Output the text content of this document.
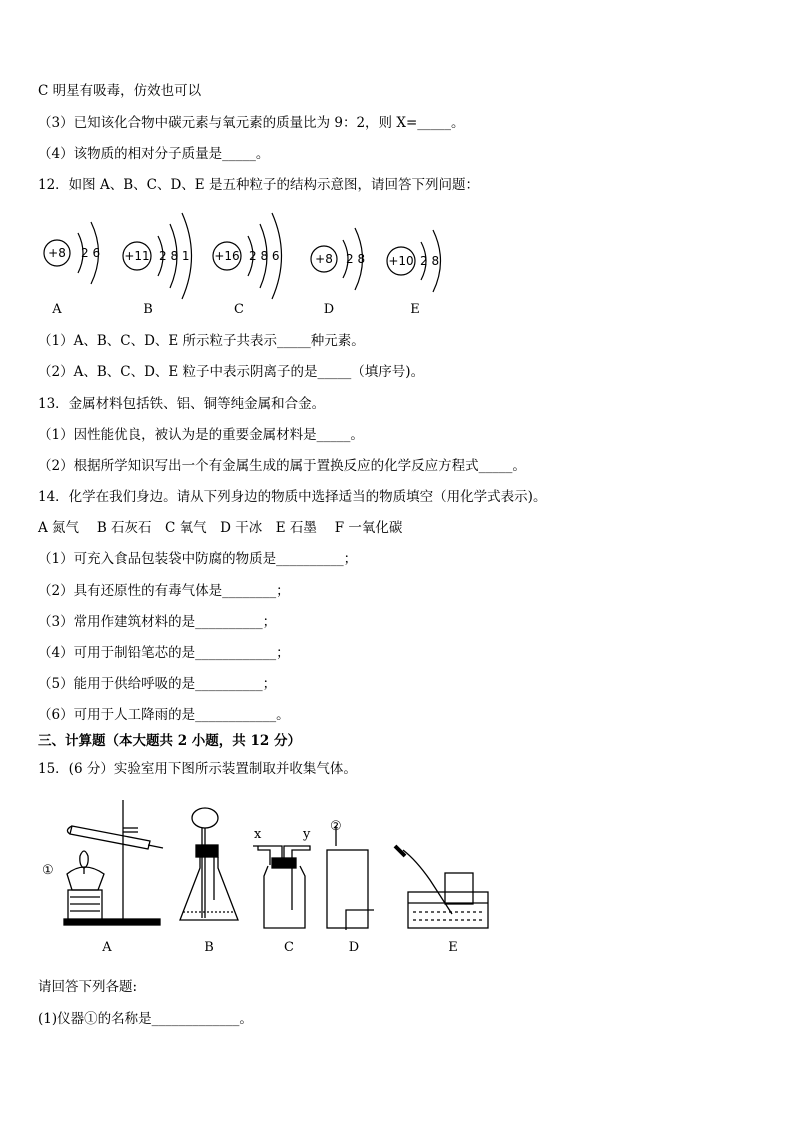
C 明星有吸毒，仿效也可以
（3）已知该化合物中碳元素与氧元素的质量比为 9：2，则 X=_____。
（4）该物质的相对分子质量是_____。
12．如图 A、B、C、D、E 是五种粒子的结构示意图，请回答下列问题：
（1）A、B、C、D、E 所示粒子共表示_____种元素。
（2）A、B、C、D、E 粒子中表示阴离子的是_____（填序号)。
13．金属材料包括铁、铝、铜等纯金属和合金。
（1）因性能优良，被认为是的重要金属材料是_____。
（2）根据所学知识写出一个有金属生成的属于置换反应的化学反应方程式_____。
14．化学在我们身边。请从下列身边的物质中选择适当的物质填空（用化学式表示)。
A 氮气　 B 石灰石　C 氧气　D 干冰　E 石墨　 F 一氧化碳
（1）可充入食品包装袋中防腐的物质是__________；
（2）具有还原性的有毒气体是________；
（3）常用作建筑材料的是__________；
（4）可用于制铅笔芯的是____________；
（5）能用于供给呼吸的是__________；
（6）可用于人工降雨的是____________。
三、计算题（本大题共 2 小题，共 12 分）
15．(6 分）实验室用下图所示装置制取并收集气体。
请回答下列各题:
(1)仪器①的名称是_____________。
+8 2 6
A
+11 2 8 1
B
+16 2 8 6
C
+8 2 8
D
+10 2 8
E
A	B	C	D	E
①
②
x	y
